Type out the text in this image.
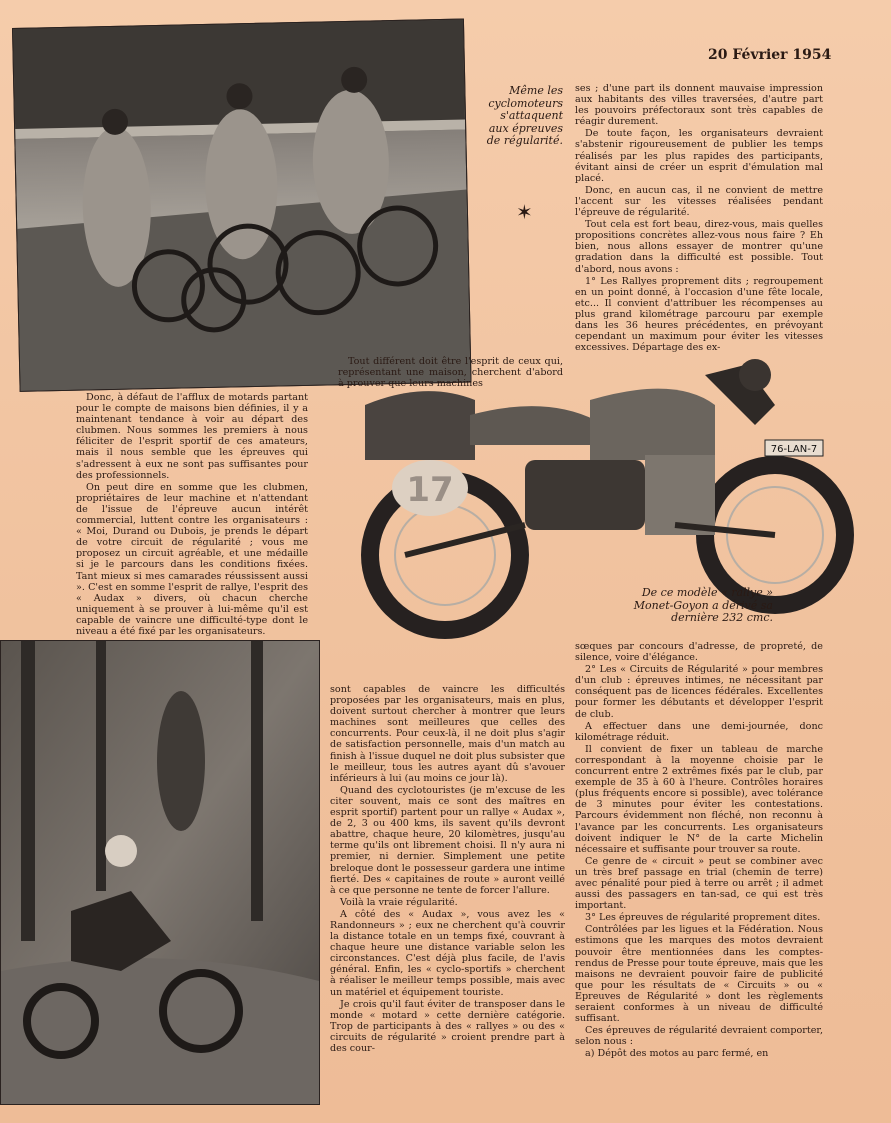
20 Février 1954
Même les cyclomoteurs s'attaquent aux épreuves de régularité.
✶

ses ; d'une part ils donnent mauvaise impression aux habitants des villes traversées, d'autre part les pouvoirs préfectoraux sont très capables de réagir durement.

De toute façon, les organisateurs devraient s'abstenir rigoureusement de publier les temps réalisés par les plus rapides des participants, évitant ainsi de créer un esprit d'émulation mal placé.

Donc, en aucun cas, il ne convient de mettre l'accent sur les vitesses réalisées pendant l'épreuve de régularité.

Tout cela est fort beau, direz-vous, mais quelles propositions concrètes allez-vous nous faire ? Eh bien, nous allons essayer de montrer qu'une gradation dans la difficulté est possible. Tout d'abord, nous avons :

1° Les Rallyes proprement dits ; regroupement en un point donné, à l'occasion d'une fête locale, etc... Il convient d'attribuer les récompenses au plus grand kilométrage parcouru par exemple dans les 36 heures précédentes, en prévoyant cependant un maximum pour éviter les vitesses excessives. Départage des ex-

Tout différent doit être l'esprit de ceux qui, représentant une maison, cherchent d'abord à prouver que leurs machines

Donc, à défaut de l'afflux de motards partant pour le compte de maisons bien définies, il y a maintenant tendance à voir au départ des clubmen. Nous sommes les premiers à nous féliciter de l'esprit sportif de ces amateurs, mais il nous semble que les épreuves qui s'adressent à eux ne sont pas suffisantes pour des professionnels.

On peut dire en somme que les clubmen, propriétaires de leur machine et n'attendant de l'issue de l'épreuve aucun intérêt commercial, luttent contre les organisateurs : « Moi, Durand ou Dubois, je prends le départ de votre circuit de régularité ; vous me proposez un circuit agréable, et une médaille si je le parcours dans les conditions fixées. Tant mieux si mes camarades réussissent aussi ». C'est en somme l'esprit de rallye, l'esprit des « Audax » divers, où chacun cherche uniquement à se prouver à lui-même qu'il est capable de vaincre une difficulté-type dont le niveau a été fixé par les organisateurs.

76-LAN-7
17
De ce modèle « rallye » Monet-Goyon a dérivé sa dernière 232 cmc.

sont capables de vaincre les difficultés proposées par les organisateurs, mais en plus, doivent surtout chercher à montrer que leurs machines sont meilleures que celles des concurrents. Pour ceux-là, il ne doit plus s'agir de satisfaction personnelle, mais d'un match au finish à l'issue duquel ne doit plus subsister que le meilleur, tous les autres ayant dû s'avouer inférieurs à lui (au moins ce jour là).

Quand des cyclotouristes (je m'excuse de les citer souvent, mais ce sont des maîtres en esprit sportif) partent pour un rallye « Audax », de 2, 3 ou 400 kms, ils savent qu'ils devront abattre, chaque heure, 20 kilomètres, jusqu'au terme qu'ils ont librement choisi. Il n'y aura ni premier, ni dernier. Simplement une petite breloque dont le possesseur gardera une intime fierté. Des « capitaines de route » auront veillé à ce que personne ne tente de forcer l'allure.

Voilà la vraie régularité.

A côté des « Audax », vous avez les « Randonneurs » ; eux ne cherchent qu'à couvrir la distance totale en un temps fixé, couvrant à chaque heure une distance variable selon les circonstances. C'est déjà plus facile, de l'avis général. Enfin, les « cyclo-sportifs » cherchent à réaliser le meilleur temps possible, mais avec un matériel et équipement touriste.

Je crois qu'il faut éviter de transposer dans le monde « motard » cette dernière catégorie. Trop de participants à des « rallyes » ou des « circuits de régularité » croient prendre part à des cour-

sœques par concours d'adresse, de propreté, de silence, voire d'élégance.

2° Les « Circuits de Régularité » pour membres d'un club : épreuves intimes, ne nécessitant par conséquent pas de licences fédérales. Excellentes pour former les débutants et développer l'esprit de club.

A effectuer dans une demi-journée, donc kilométrage réduit.

Il convient de fixer un tableau de marche correspondant à la moyenne choisie par le concurrent entre 2 extrêmes fixés par le club, par exemple de 35 à 60 à l'heure. Contrôles horaires (plus fréquents encore si possible), avec tolérance de 3 minutes pour éviter les contestations. Parcours évidemment non fléché, non reconnu à l'avance par les concurrents. Les organisateurs doivent indiquer le N° de la carte Michelin nécessaire et suffisante pour trouver sa route.

Ce genre de « circuit » peut se combiner avec un très bref passage en trial (chemin de terre) avec pénalité pour pied à terre ou arrêt ; il admet aussi des passagers en tan-sad, ce qui est très important.

3° Les épreuves de régularité proprement dites.

Contrôlées par les ligues et la Fédération. Nous estimons que les marques des motos devraient pouvoir être mentionnées dans les comptes-rendus de Presse pour toute épreuve, mais que les maisons ne devraient pouvoir faire de publicité que pour les résultats de « Circuits » ou « Epreuves de Régularité » dont les règlements seraient conformes à un niveau de difficulté suffisant.

Ces épreuves de régularité devraient comporter, selon nous :

a) Dépôt des motos au parc fermé, en
